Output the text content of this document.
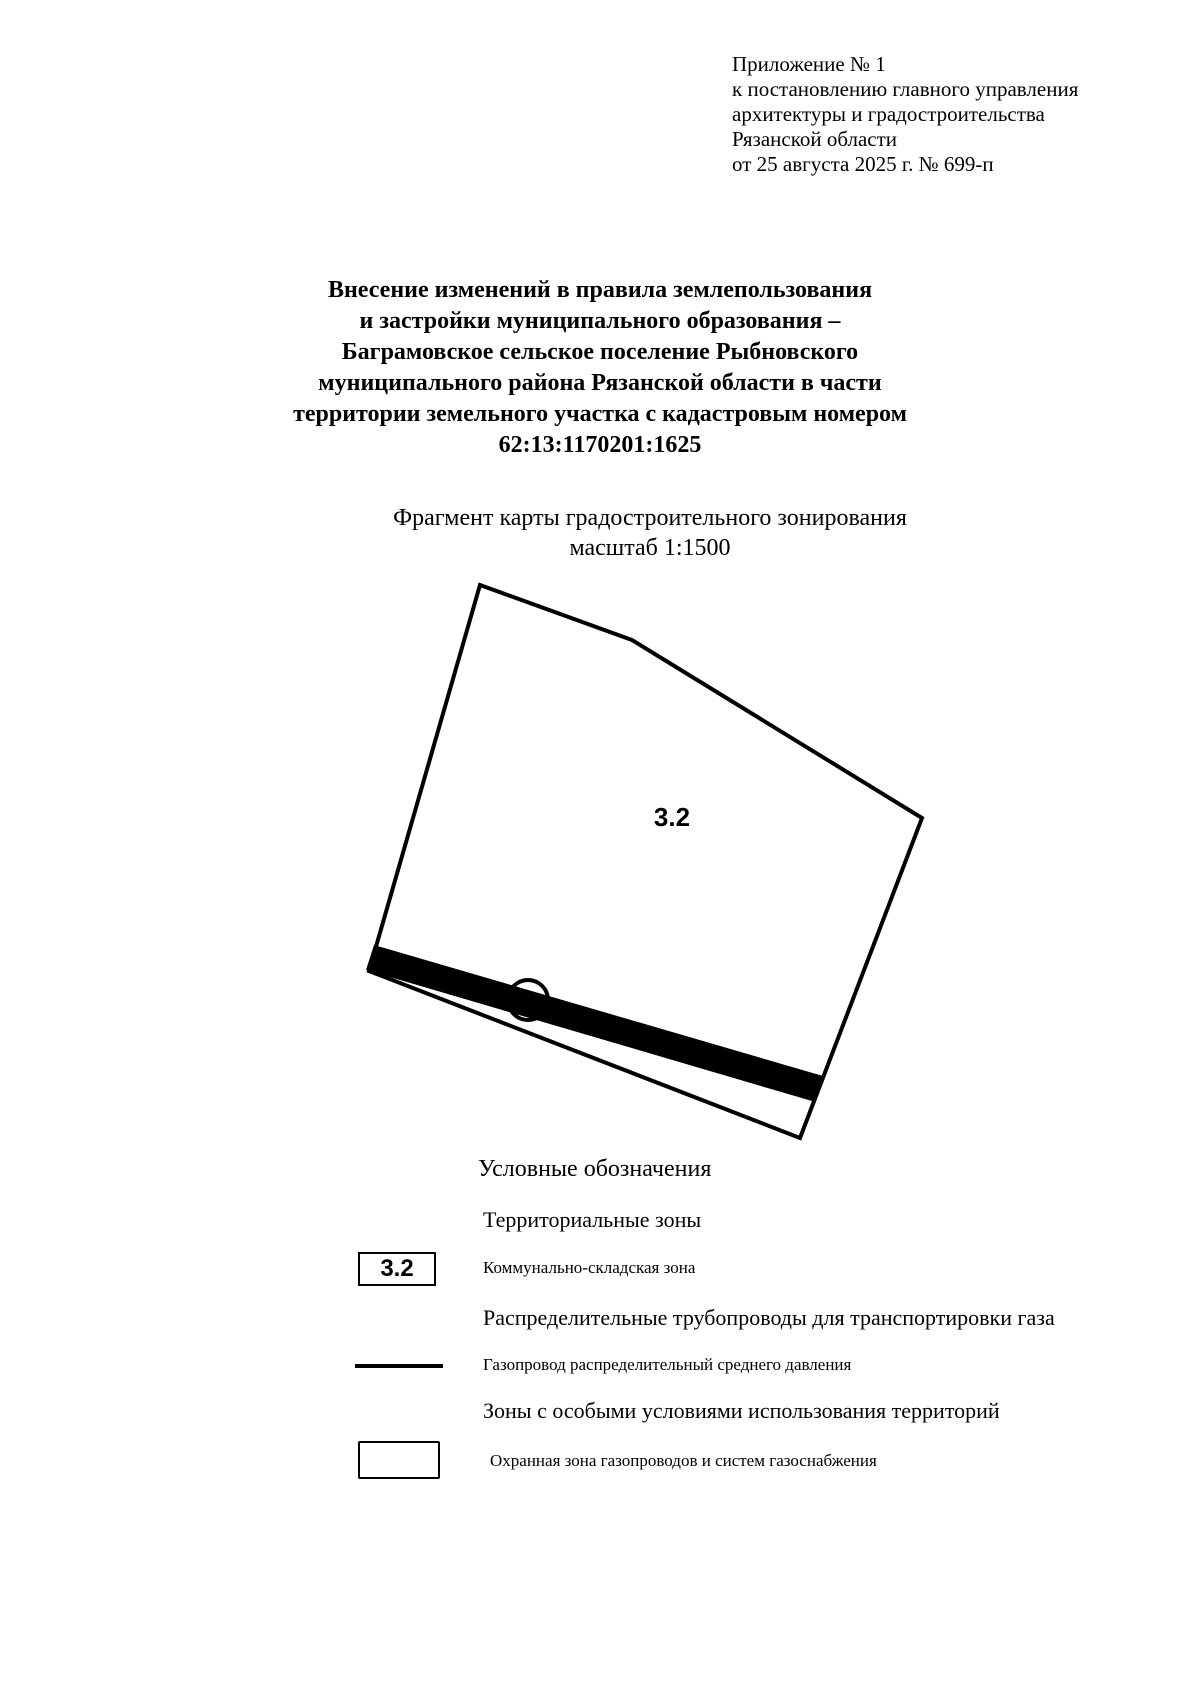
Приложение № 1
к постановлению главного управления
архитектуры и градостроительства
Рязанской области
от 25 августа 2025 г. № 699-п
Внесение изменений в правила землепользования
и застройки муниципального образования –
Баграмовское сельское поселение Рыбновского
муниципального района Рязанской области в части
территории земельного участка с кадастровым номером
62:13:1170201:1625
Фрагмент карты градостроительного зонирования
масштаб 1:1500
3.2
Условные обозначения
Территориальные зоны
3.2	Коммунально-складская зона
Распределительные трубопроводы для транспортировки газа
Газопровод распределительный среднего давления
Зоны с особыми условиями использования территорий
Охранная зона газопроводов и систем газоснабжения
